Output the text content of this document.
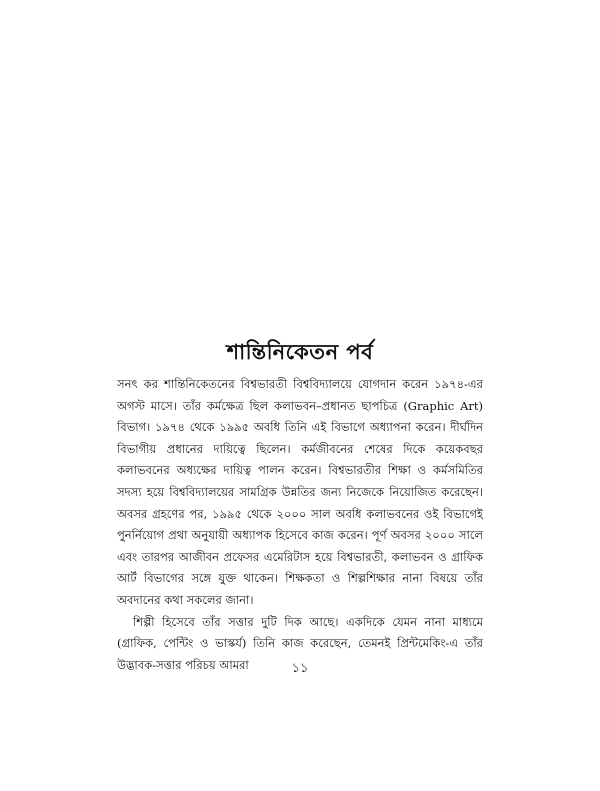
শান্তিনিকেতন পর্ব

সনৎ কর শান্তিনিকেতনের বিশ্বভারতী বিশ্ববিদ্যালয়ে যোগদান করেন ১৯৭৪-এর অগস্ট মাসে। তাঁর কর্মক্ষেত্র ছিল কলাভবন–প্রধানত ছাপচিত্র (Graphic Art) বিভাগ। ১৯৭৪ থেকে ১৯৯৫ অবধি তিনি এই বিভাগে অধ্যাপনা করেন। দীর্ঘদিন বিভাগীয় প্রধানের দায়িত্বে ছিলেন। কর্মজীবনের শেষের দিকে কয়েকবছর কলাভবনের অধ্যক্ষের দায়িত্ব পালন করেন। বিশ্বভারতীর শিক্ষা ও কর্মসমিতির সদস্য হয়ে বিশ্ববিদ্যালয়ের সামগ্রিক উন্নতির জন্য নিজেকে নিয়োজিত করেছেন। অবসর গ্রহণের পর, ১৯৯৫ থেকে ২০০০ সাল অবধি কলাভবনের ওই বিভাগেই পুনর্নিয়োগ প্রথা অনুযায়ী অধ্যাপক হিসেবে কাজ করেন। পূর্ণ অবসর ২০০০ সালে এবং তারপর আজীবন প্রফেসর এমেরিটাস হয়ে বিশ্বভারতী, কলাভবন ও গ্রাফিক আর্ট বিভাগের সঙ্গে যুক্ত থাকেন। শিক্ষকতা ও শিল্পশিক্ষার নানা বিষয়ে তাঁর অবদানের কথা সকলের জানা।

শিল্পী হিসেবে তাঁর সত্তার দুটি দিক আছে। একদিকে যেমন নানা মাধ্যমে (গ্রাফিক, পেন্টিং ও ভাস্কর্য) তিনি কাজ করেছেন, তেমনই প্রিন্টমেকিং-এ তাঁর উদ্ভাবক-সত্তার পরিচয় আমরা	১১
